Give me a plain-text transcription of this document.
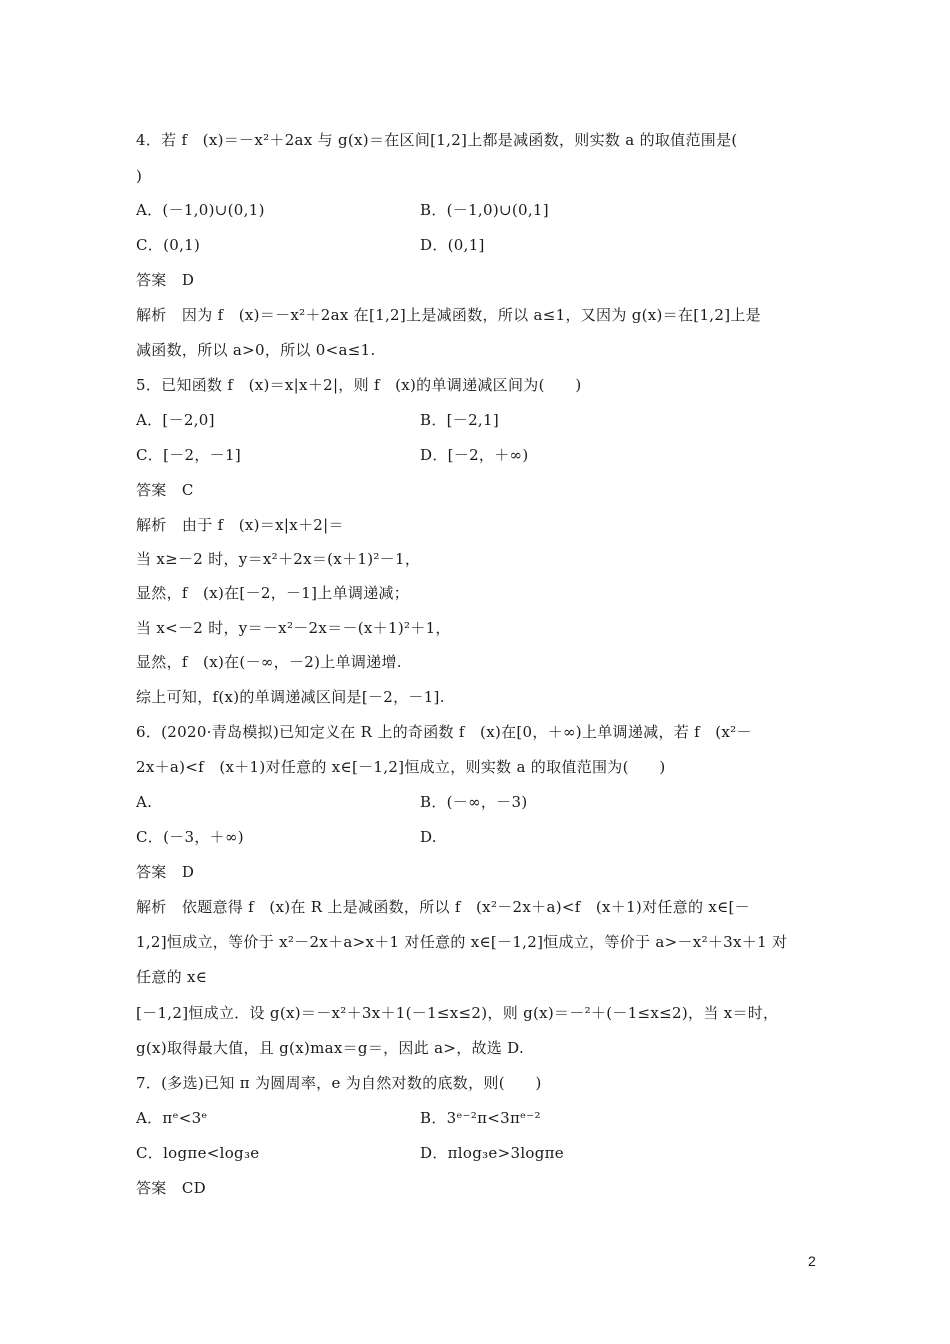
4．若 f　(x)＝－x²＋2ax 与 g(x)＝在区间[1,2]上都是减函数，则实数 a 的取值范围是(
)
A．(－1,0)∪(0,1)	B．(－1,0)∪(0,1]
C．(0,1)	D．(0,1]
答案　D
解析　因为 f　(x)＝－x²＋2ax 在[1,2]上是减函数，所以 a≤1，又因为 g(x)＝在[1,2]上是
减函数，所以 a>0，所以 0<a≤1.
5．已知函数 f　(x)＝x|x＋2|，则 f　(x)的单调递减区间为(　　)
A．[－2,0]	B．[－2,1]
C．[－2，－1]	D．[－2，＋∞)
答案　C
解析　由于 f　(x)＝x|x＋2|＝
当 x≥－2 时，y＝x²＋2x＝(x＋1)²－1，
显然，f　(x)在[－2，－1]上单调递减；
当 x<－2 时，y＝－x²－2x＝－(x＋1)²＋1，
显然，f　(x)在(－∞，－2)上单调递增.
综上可知，f(x)的单调递减区间是[－2，－1].
6．(2020·青岛模拟)已知定义在 R 上的奇函数 f　(x)在[0，＋∞)上单调递减，若 f　(x²－
2x＋a)<f　(x＋1)对任意的 x∈[－1,2]恒成立，则实数 a 的取值范围为(　　)
A.	B．(－∞，－3)
C．(－3，＋∞)	D.
答案　D
解析　依题意得 f　(x)在 R 上是减函数，所以 f　(x²－2x＋a)<f　(x＋1)对任意的 x∈[－
1,2]恒成立，等价于 x²－2x＋a>x＋1 对任意的 x∈[－1,2]恒成立，等价于 a>－x²＋3x＋1 对
任意的 x∈
[－1,2]恒成立．设 g(x)＝－x²＋3x＋1(－1≤x≤2)，则 g(x)＝－²＋(－1≤x≤2)，当 x＝时，
g(x)取得最大值，且 g(x)max＝g＝，因此 a>，故选 D.
7．(多选)已知 π 为圆周率，e 为自然对数的底数，则(　　)
A．πᵉ<3ᵉ	B．3ᵉ⁻²π<3πᵉ⁻²
C．logπe<log₃e	D．πlog₃e>3logπe
答案　CD
2
